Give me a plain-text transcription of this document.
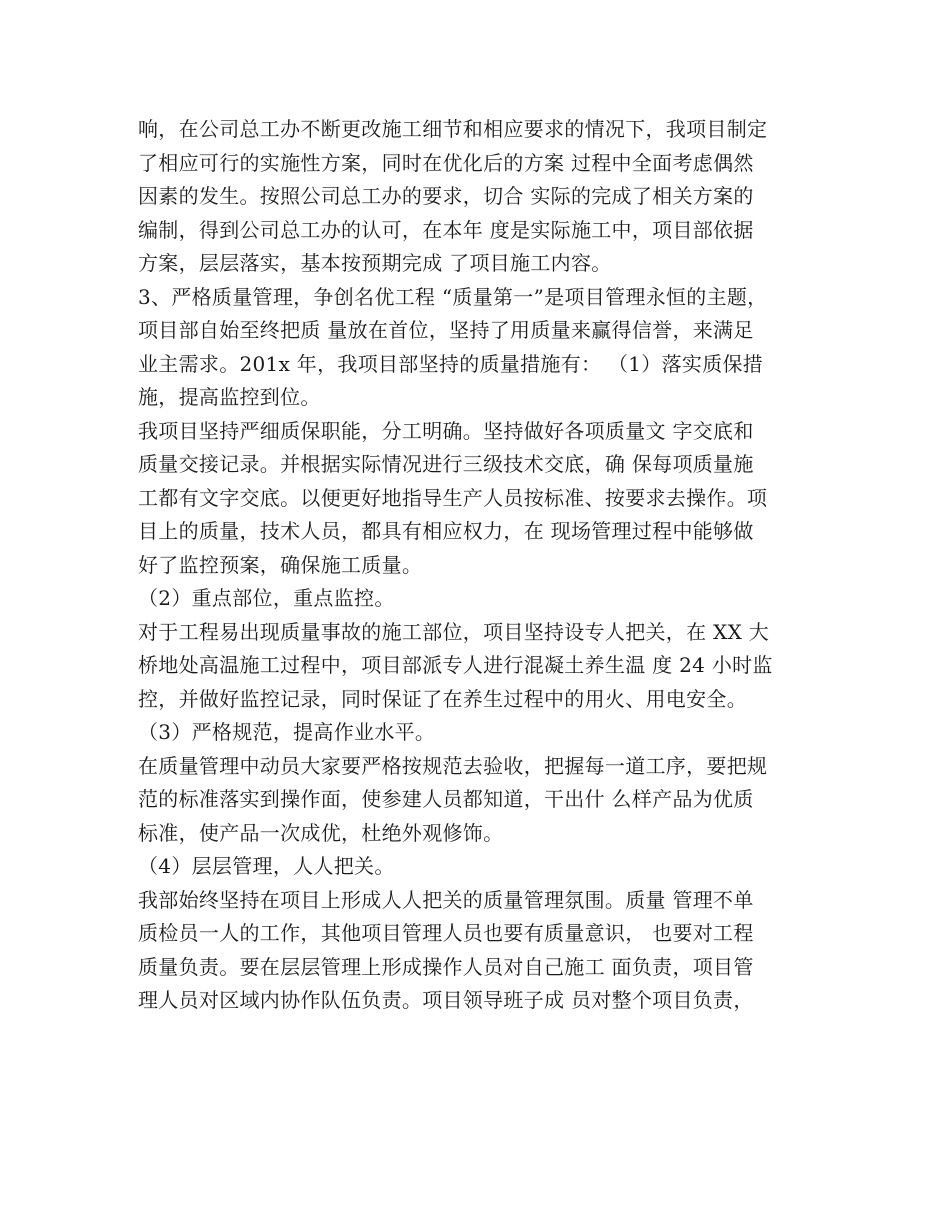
响，在公司总工办不断更改施工细节和相应要求的情况下，我项目制定
了相应可行的实施性方案，同时在优化后的方案 过程中全面考虑偶然
因素的发生。按照公司总工办的要求，切合 实际的完成了相关方案的
编制，得到公司总工办的认可，在本年 度是实际施工中，项目部依据
方案，层层落实，基本按预期完成 了项目施工内容。
3、严格质量管理，争创名优工程 “质量第一”是项目管理永恒的主题，
项目部自始至终把质 量放在首位，坚持了用质量来赢得信誉，来满足
业主需求。201x 年，我项目部坚持的质量措施有： （1）落实质保措
施，提高监控到位。
我项目坚持严细质保职能，分工明确。坚持做好各项质量文 字交底和
质量交接记录。并根据实际情况进行三级技术交底，确 保每项质量施
工都有文字交底。以便更好地指导生产人员按标准、按要求去操作。项
目上的质量，技术人员，都具有相应权力，在 现场管理过程中能够做
好了监控预案，确保施工质量。
（2）重点部位，重点监控。
对于工程易出现质量事故的施工部位，项目坚持设专人把关，在 XX 大
桥地处高温施工过程中，项目部派专人进行混凝土养生温 度 24 小时监
控，并做好监控记录，同时保证了在养生过程中的用火、用电安全。
（3）严格规范，提高作业水平。
在质量管理中动员大家要严格按规范去验收，把握每一道工序，要把规
范的标准落实到操作面，使参建人员都知道，干出什 么样产品为优质
标准，使产品一次成优，杜绝外观修饰。
（4）层层管理，人人把关。
我部始终坚持在项目上形成人人把关的质量管理氛围。质量 管理不单
质检员一人的工作，其他项目管理人员也要有质量意识， 也要对工程
质量负责。要在层层管理上形成操作人员对自己施工 面负责，项目管
理人员对区域内协作队伍负责。项目领导班子成 员对整个项目负责，
